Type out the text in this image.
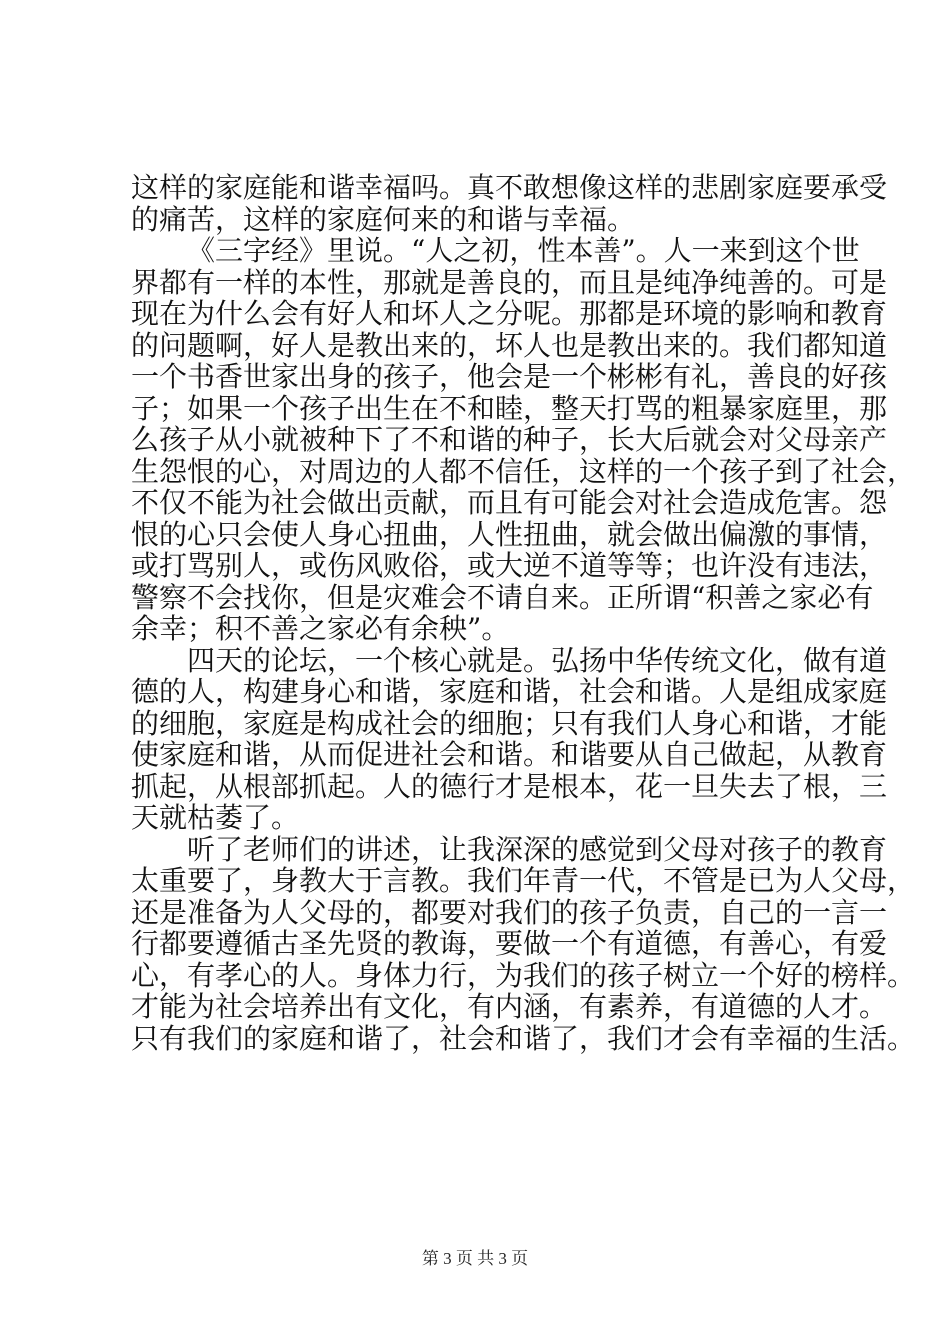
这样的家庭能和谐幸福吗。真不敢想像这样的悲剧家庭要承受
的痛苦，这样的家庭何来的和谐与幸福。
《三字经》里说。“人之初，性本善”。人一来到这个世
界都有一样的本性，那就是善良的，而且是纯净纯善的。可是
现在为什么会有好人和坏人之分呢。那都是环境的影响和教育
的问题啊，好人是教出来的，坏人也是教出来的。我们都知道
一个书香世家出身的孩子，他会是一个彬彬有礼，善良的好孩
子；如果一个孩子出生在不和睦，整天打骂的粗暴家庭里，那
么孩子从小就被种下了不和谐的种子，长大后就会对父母亲产
生怨恨的心，对周边的人都不信任，这样的一个孩子到了社会，
不仅不能为社会做出贡献，而且有可能会对社会造成危害。怨
恨的心只会使人身心扭曲，人性扭曲，就会做出偏激的事情，
或打骂别人，或伤风败俗，或大逆不道等等；也许没有违法，
警察不会找你，但是灾难会不请自来。正所谓“积善之家必有
余幸；积不善之家必有余秧”。
四天的论坛，一个核心就是。弘扬中华传统文化，做有道
德的人，构建身心和谐，家庭和谐，社会和谐。人是组成家庭
的细胞，家庭是构成社会的细胞；只有我们人身心和谐，才能
使家庭和谐，从而促进社会和谐。和谐要从自己做起，从教育
抓起，从根部抓起。人的德行才是根本，花一旦失去了根，三
天就枯萎了。
听了老师们的讲述，让我深深的感觉到父母对孩子的教育
太重要了，身教大于言教。我们年青一代，不管是已为人父母，
还是准备为人父母的，都要对我们的孩子负责，自己的一言一
行都要遵循古圣先贤的教诲，要做一个有道德，有善心，有爱
心，有孝心的人。身体力行，为我们的孩子树立一个好的榜样。
才能为社会培养出有文化，有内涵，有素养，有道德的人才。
只有我们的家庭和谐了，社会和谐了，我们才会有幸福的生活。
第 3 页 共 3 页
